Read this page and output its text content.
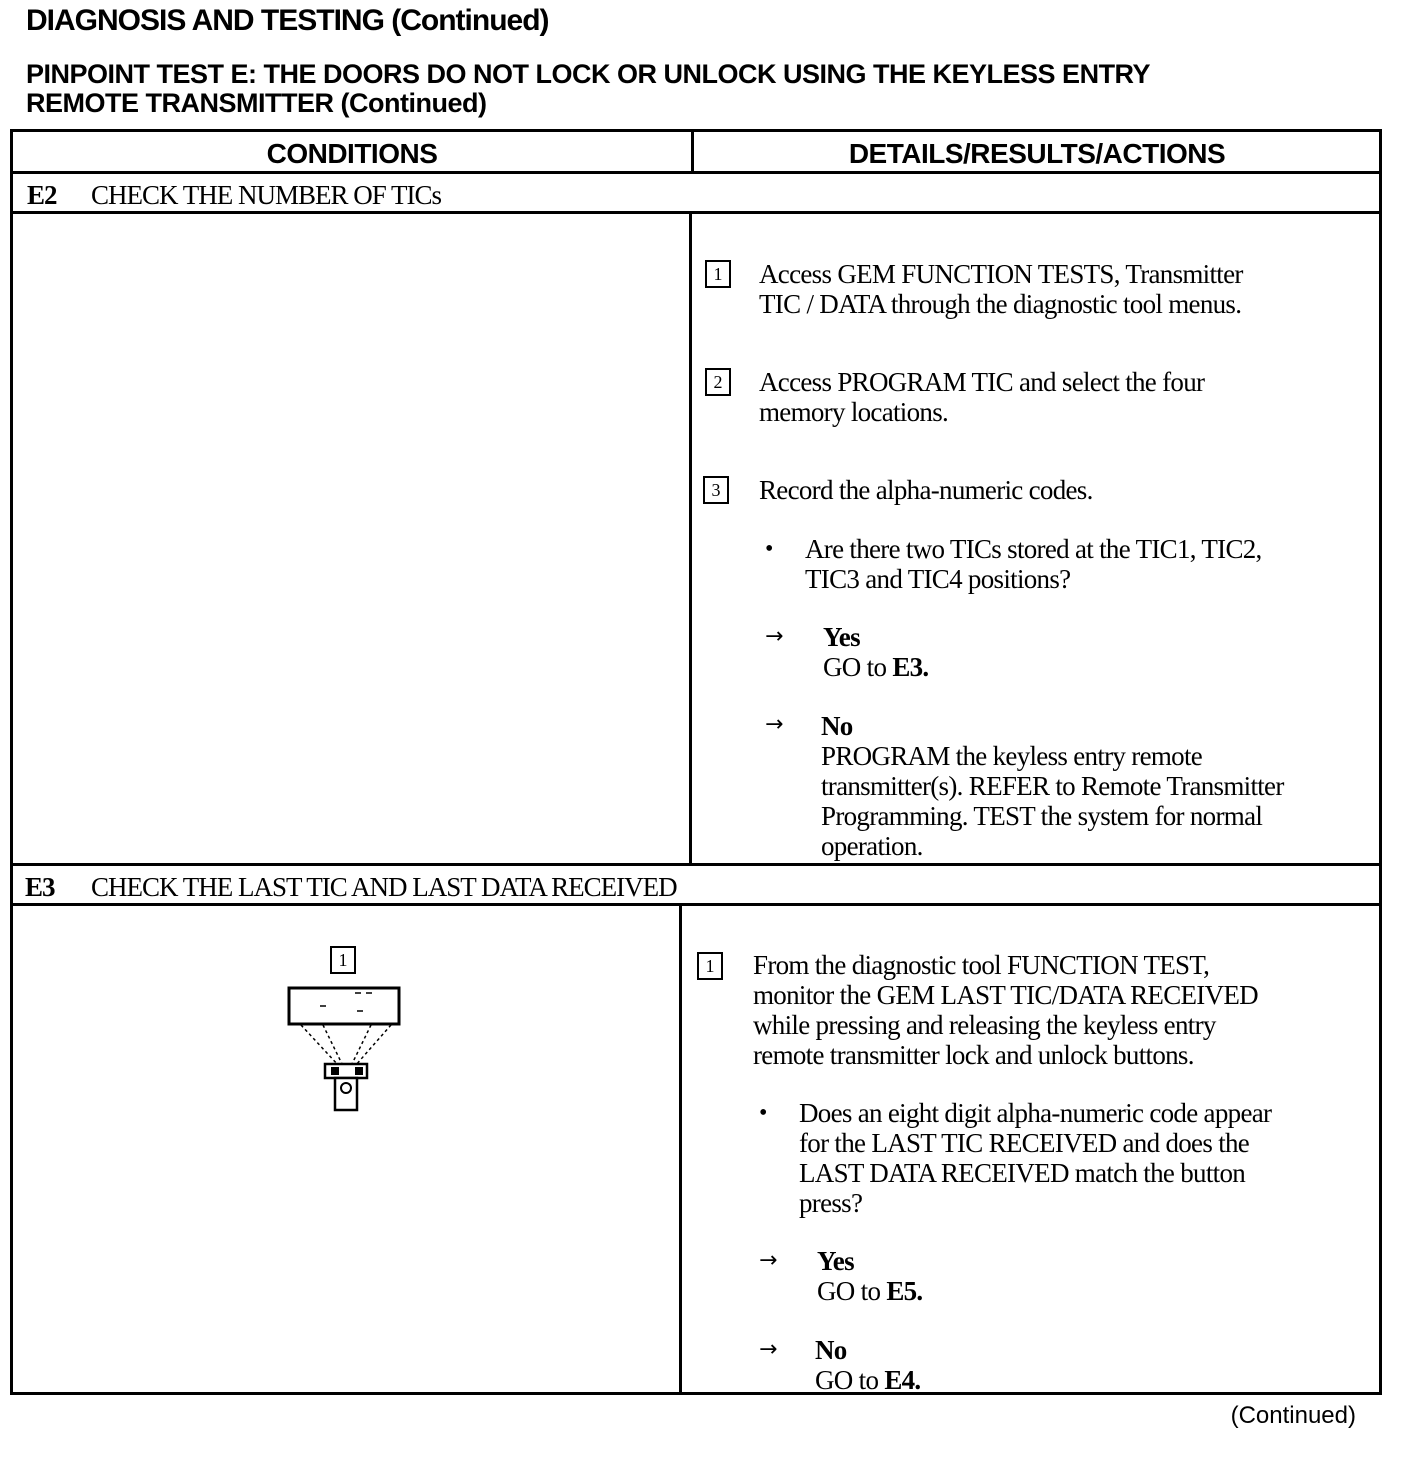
DIAGNOSIS AND TESTING (Continued)
PINPOINT TEST E: THE DOORS DO NOT LOCK OR UNLOCK USING THE KEYLESS ENTRY
REMOTE TRANSMITTER (Continued)
CONDITIONS	DETAILS/RESULTS/ACTIONS
E2 CHECK THE NUMBER OF TICs
1	Access GEM FUNCTION TESTS, Transmitter
TIC / DATA through the diagnostic tool menus.
2	Access PROGRAM TIC and select the four
memory locations.
3	Record the alpha-numeric codes.
• Are there two TICs stored at the TIC1, TIC2,
TIC3 and TIC4 positions?
→ Yes
GO to E3.
→ No
PROGRAM the keyless entry remote
transmitter(s). REFER to Remote Transmitter
Programming. TEST the system for normal
operation.
E3 CHECK THE LAST TIC AND LAST DATA RECEIVED
1	1	From the diagnostic tool FUNCTION TEST,
monitor the GEM LAST TIC/DATA RECEIVED
while pressing and releasing the keyless entry
remote transmitter lock and unlock buttons.
• Does an eight digit alpha-numeric code appear
for the LAST TIC RECEIVED and does the
LAST DATA RECEIVED match the button
press?
→ Yes
GO to E5.
→ No
GO to E4.
(Continued)
